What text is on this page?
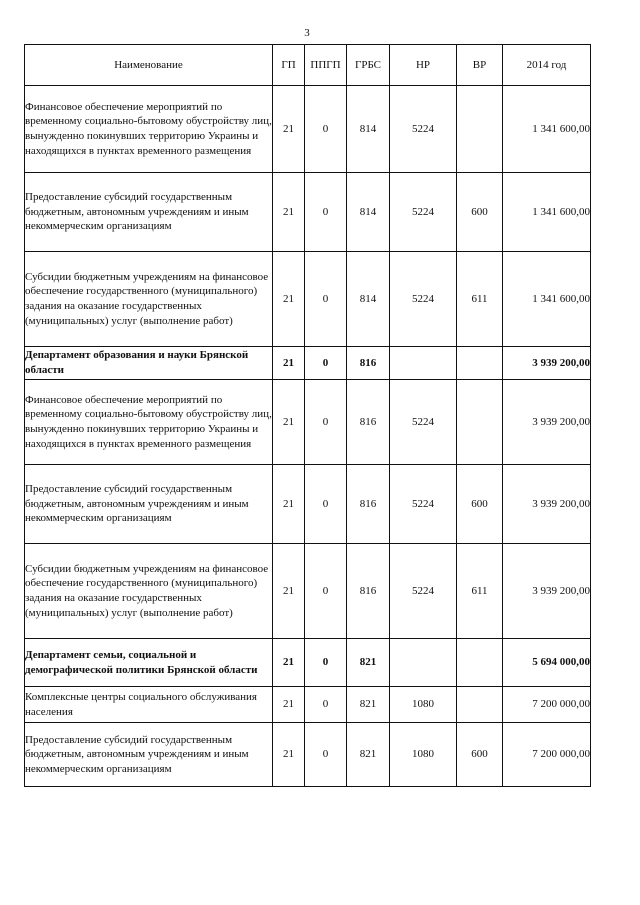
3
Наименование	ГП	ППГП	ГРБС	НР	ВР	2014 год
Финансовое обеспечение мероприятий по временному социально-бытовому обустройству лиц, вынужденно покинувших территорию Украины и находящихся в пунктах временного размещения	21	0	814	5224		1 341 600,00
Предоставление субсидий государственным бюджетным, автономным учреждениям и иным некоммерческим организациям	21	0	814	5224	600	1 341 600,00
Субсидии бюджетным учреждениям на финансовое обеспечение государственного (муниципального) задания на оказание государственных (муниципальных) услуг (выполнение работ)	21	0	814	5224	611	1 341 600,00
Департамент образования и науки Брянской области	21	0	816			3 939 200,00
Финансовое обеспечение мероприятий по временному социально-бытовому обустройству лиц, вынужденно покинувших территорию Украины и находящихся в пунктах временного размещения	21	0	816	5224		3 939 200,00
Предоставление субсидий государственным бюджетным, автономным учреждениям и иным некоммерческим организациям	21	0	816	5224	600	3 939 200,00
Субсидии бюджетным учреждениям на финансовое обеспечение государственного (муниципального) задания на оказание государственных (муниципальных) услуг (выполнение работ)	21	0	816	5224	611	3 939 200,00
Департамент семьи, социальной и демографической политики Брянской области	21	0	821			5 694 000,00
Комплексные центры социального обслуживания населения	21	0	821	1080		7 200 000,00
Предоставление субсидий государственным бюджетным, автономным учреждениям и иным некоммерческим организациям	21	0	821	1080	600	7 200 000,00
